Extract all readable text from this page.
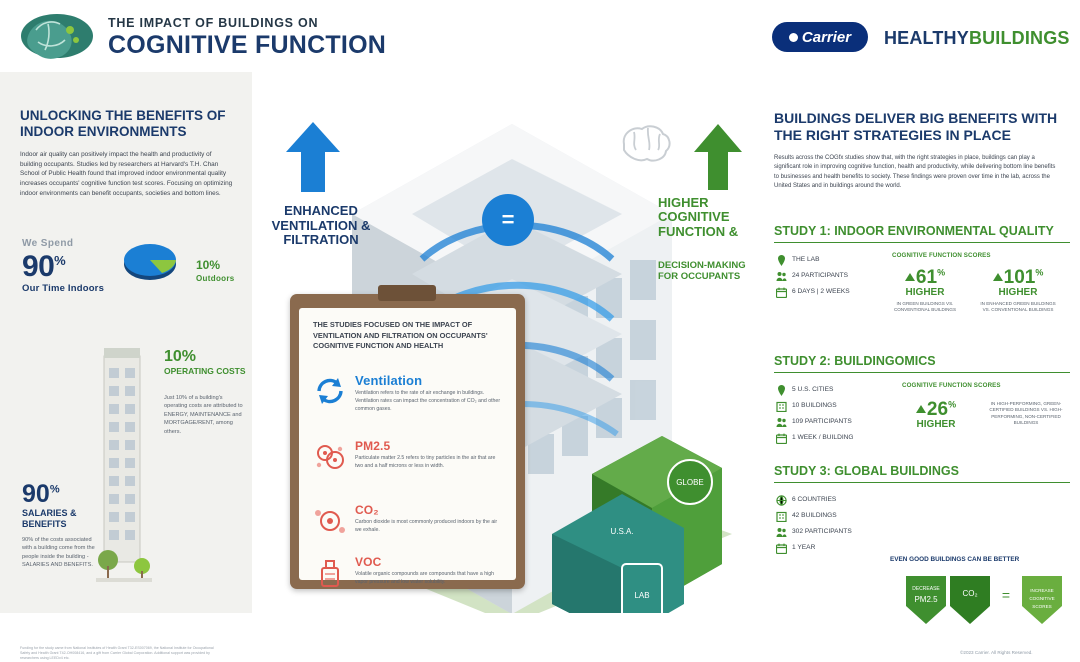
THE IMPACT OF BUILDINGS ON
COGNITIVE FUNCTION	Carrier HEALTHYBUILDINGS
UNLOCKING THE BENEFITS OF INDOOR ENVIRONMENTS
Indoor air quality can positively impact the health and productivity of building occupants. Studies led by researchers at Harvard's T.H. Chan School of Public Health found that improved indoor environmental quality increases occupants' cognitive function test scores. Focusing on optimizing indoor environments can benefit occupants, societies and bottom lines.
We Spend
90%
Our Time Indoors
10%
Outdoors
10%
OPERATING COSTS
Just 10% of a building's operating costs are attributed to ENERGY, MAINTENANCE and MORTGAGE/RENT, among others.
90%
SALARIES & BENEFITS
90% of the costs associated with a building come from the people inside the building - SALARIES AND BENEFITS.
Funding for the study came from National Institutes of Health Grant T32-ES007069, the National Institute for Occupational Safety and Health Grant T42-OH008416, and a gift from Carrier Global Corporation. Additional support was provided by researchers using LEEDv4 etc.
GLOBE
LAB
U.S.A.
ENHANCED VENTILATION & FILTRATION
=
HIGHER COGNITIVE FUNCTION &
DECISION-MAKING FOR OCCUPANTS
THE STUDIES FOCUSED ON THE IMPACT OF VENTILATION AND FILTRATION ON OCCUPANTS' COGNITIVE FUNCTION AND HEALTH
Ventilation
Ventilation refers to the rate of air exchange in buildings. Ventilation rates can impact the concentration of CO₂ and other common gases.
PM2.5
Particulate matter 2.5 refers to tiny particles in the air that are two and a half microns or less in width.
CO₂
Carbon dioxide is most commonly produced indoors by the air we exhale.
VOC
Volatile organic compounds are compounds that have a high vapor pressure and low water solubility.
BUILDINGS DELIVER BIG BENEFITS WITH THE RIGHT STRATEGIES IN PLACE
Results across the COGfx studies show that, with the right strategies in place, buildings can play a significant role in improving cognitive function, health and productivity, while delivering bottom line benefits to businesses and health benefits to society. These findings were proven over time in the lab, across the United States and in buildings around the world.
STUDY 1: INDOOR ENVIRONMENTAL QUALITY
THE LAB
24 PARTICIPANTS
6 DAYS | 2 WEEKS
COGNITIVE FUNCTION SCORES
61%
HIGHER
IN GREEN BUILDINGS VS. CONVENTIONAL BUILDINGS
101%
HIGHER
IN ENHANCED GREEN BUILDINGS VS. CONVENTIONAL BUILDINGS
STUDY 2: BUILDINGOMICS
5 U.S. CITIES
10 BUILDINGS
109 PARTICIPANTS
1 WEEK / BUILDING
COGNITIVE FUNCTION SCORES
26%
HIGHER
IN HIGH-PERFORMING, GREEN-CERTIFIED BUILDINGS VS. HIGH-PERFORMING, NON-CERTIFIED BUILDINGS
STUDY 3: GLOBAL BUILDINGS
6 COUNTRIES
42 BUILDINGS
302 PARTICIPANTS
1 YEAR
EVEN GOOD BUILDINGS CAN BE BETTER
DECREASE
PM2.5
CO₂ =	INCREASE
COGNITIVE
SCORES
©2023 Carrier. All Rights Reserved.
